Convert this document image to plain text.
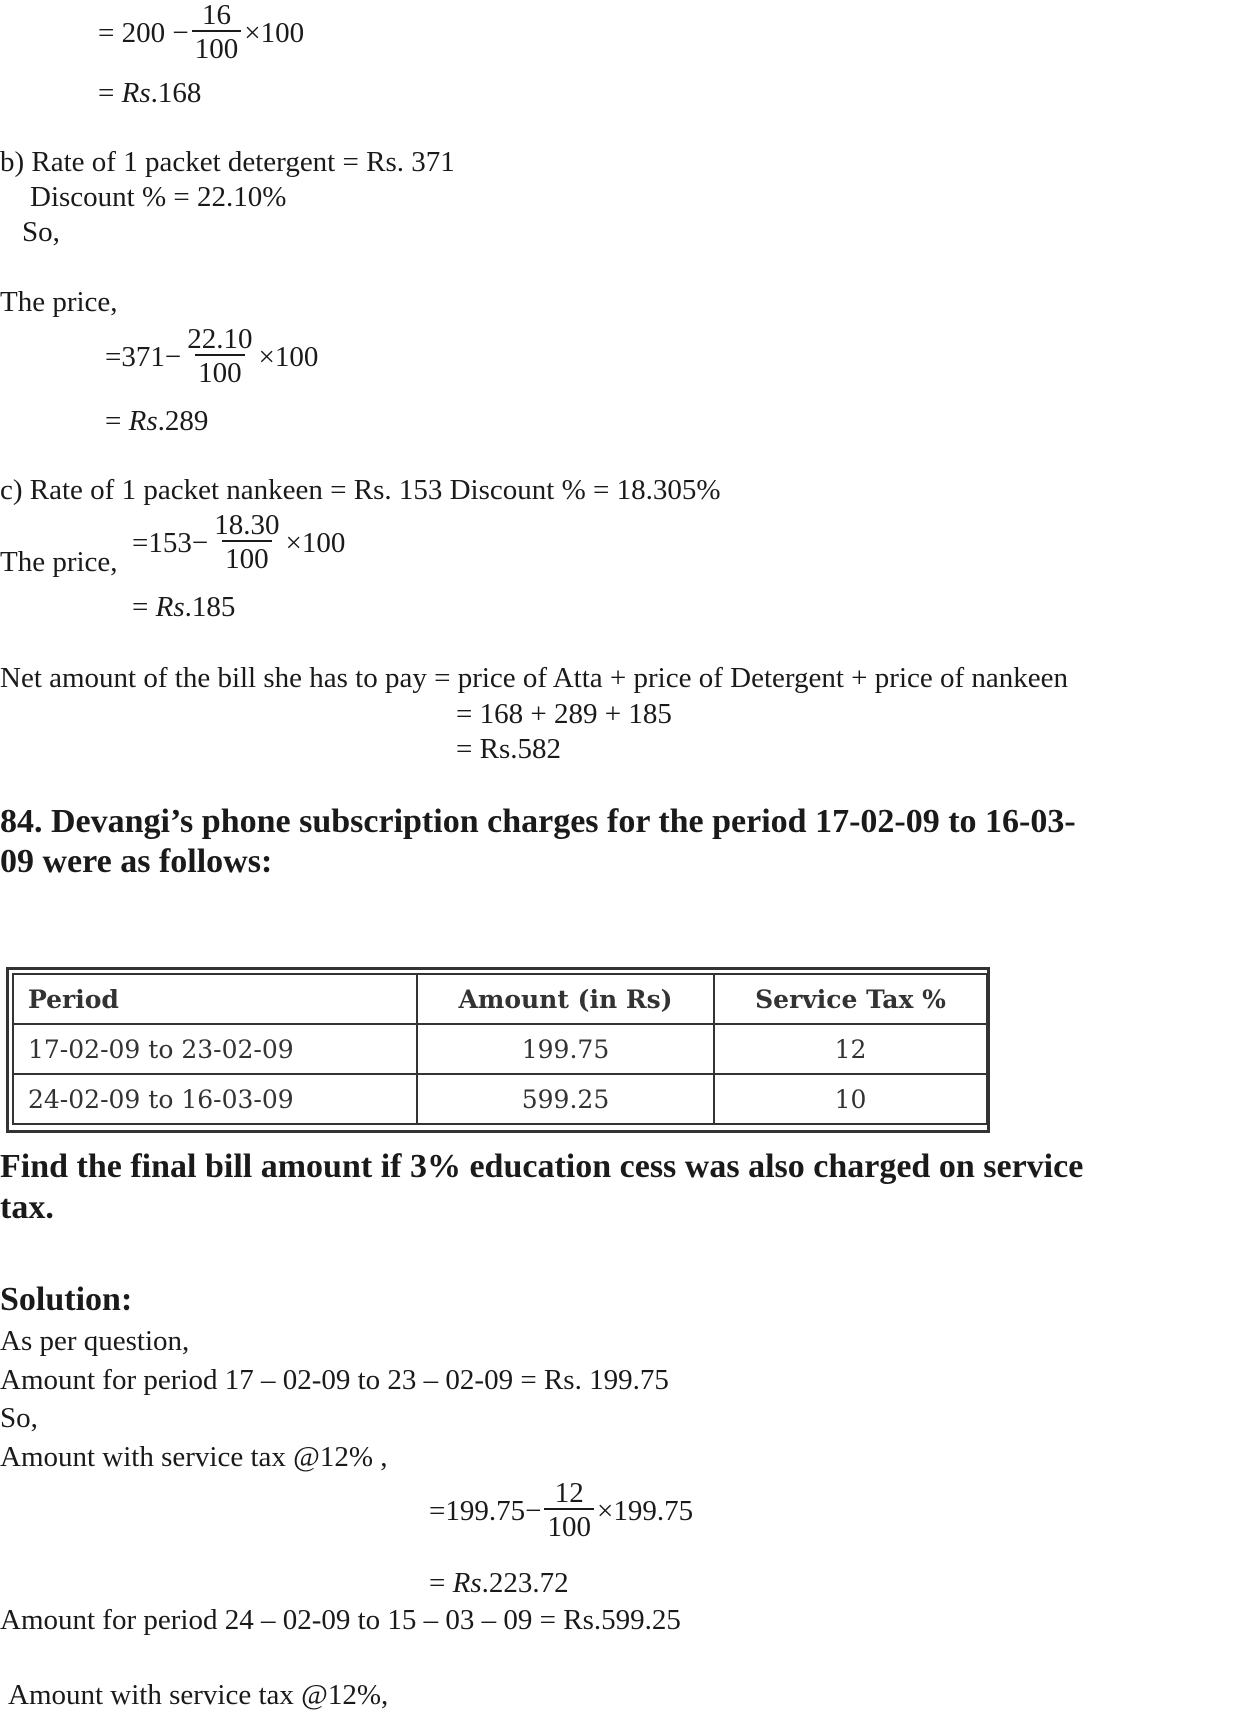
= $200 - \frac{16}{100} \times 100$
= Rs.168
b) Rate of 1 packet detergent = Rs. 371
Discount % = 22.10%
So,
The price,
$=371- \frac{22.10}{100} \times 100$
= Rs.289
c) Rate of 1 packet nankeen = Rs. 153 Discount % = 18.305%
The price,
$=153- \frac{18.30}{100} \times 100$
= Rs.185
Net amount of the bill she has to pay = price of Atta + price of Detergent + price of nankeen
= 168 + 289 + 185
= Rs.582
84. Devangi’s phone subscription charges for the period 17-02-09 to 16-03-
09 were as follows:
Period	Amount (in Rs)	Service Tax %
17-02-09 to 23-02-09	199.75	12
24-02-09 to 16-03-09	599.25	10
Find the final bill amount if 3% education cess was also charged on service
tax.
Solution:
As per question,
Amount for period 17 – 02-09 to 23 – 02-09 = Rs. 199.75
So,
Amount with service tax @12% ,
$=199.75- \frac{12}{100} \times 199.75$
= Rs.223.72
Amount for period 24 – 02-09 to 15 – 03 – 09 = Rs.599.25
Amount with service tax @12%,
